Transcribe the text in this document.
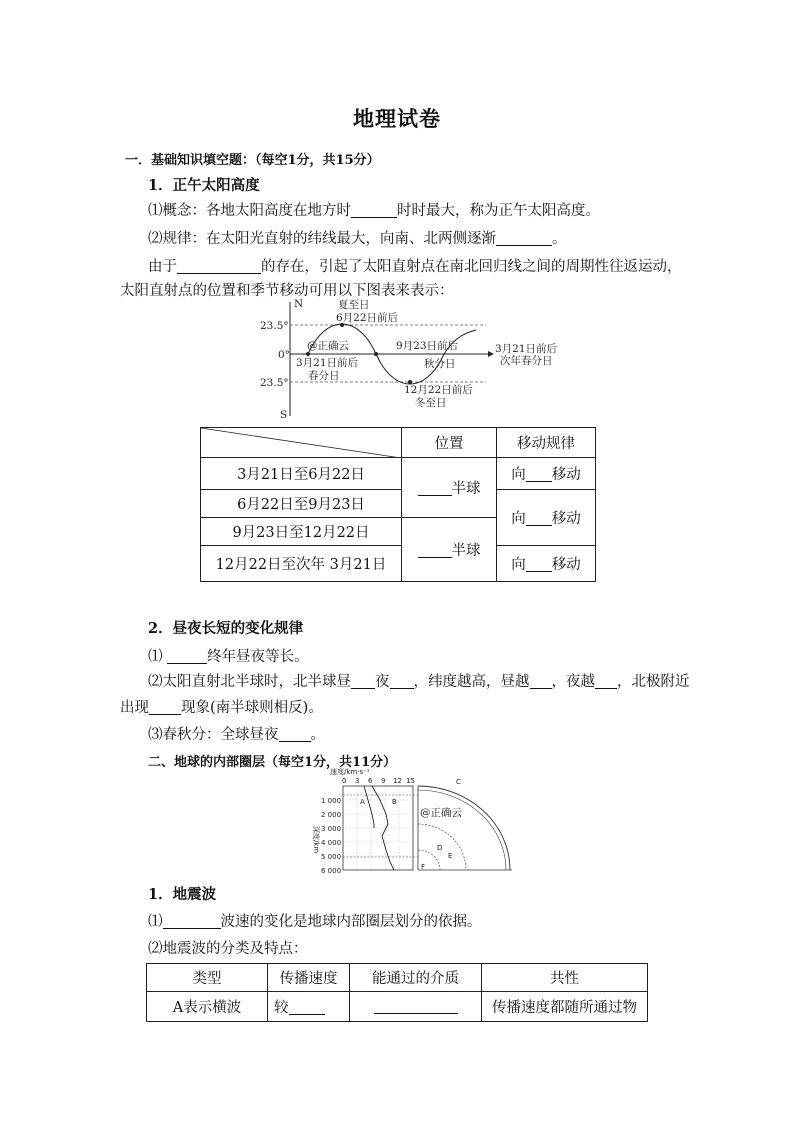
地理试卷
一．基础知识填空题：（每空1分，共15分）
1．正午太阳高度
⑴概念：各地太阳高度在地方时	时时最大，称为正午太阳高度。
⑵规律：在太阳光直射的纬线最大，向南、北两侧逐渐	。
由于	的存在，引起了太阳直射点在南北回归线之间的周期性往返运动，
太阳直射点的位置和季节移动可用以下图表来表示：
N
S
23.5°
0°
23.5°
夏至日
6月22日前后
@正确云	9月23日前后
秋分日
3月21日前后
春分日
12月22日前后
冬至日
3月21日前后
次年春分日
	位置	移动规律
3月21日至6月22日	半球	向 移动
6月22日至9月23日		向 移动
9月23日至12月22日	半球	
12月22日至次年 3月21日		向 移动
2．昼夜长短的变化规律
⑴	终年昼夜等长。
⑵太阳直射北半球时，北半球昼 夜 ，纬度越高，昼越 ，夜越 ，北极附近
出现 现象(南半球则相反)。
⑶春秋分：全球昼夜 。
二、地球的内部圈层（每空1分，共11分）
速度/km·s⁻¹
0 3 6 9 12 15
1 000
2 000
3 000
4 000
5 000
6 000
深度/km
A	B
C
D
E
F
@正确云
1．地震波
⑴	波速的变化是地球内部圈层划分的依据。
⑵地震波的分类及特点：
类型	传播速度	能通过的介质	共性
A表示横波	较		传播速度都随所通过物
